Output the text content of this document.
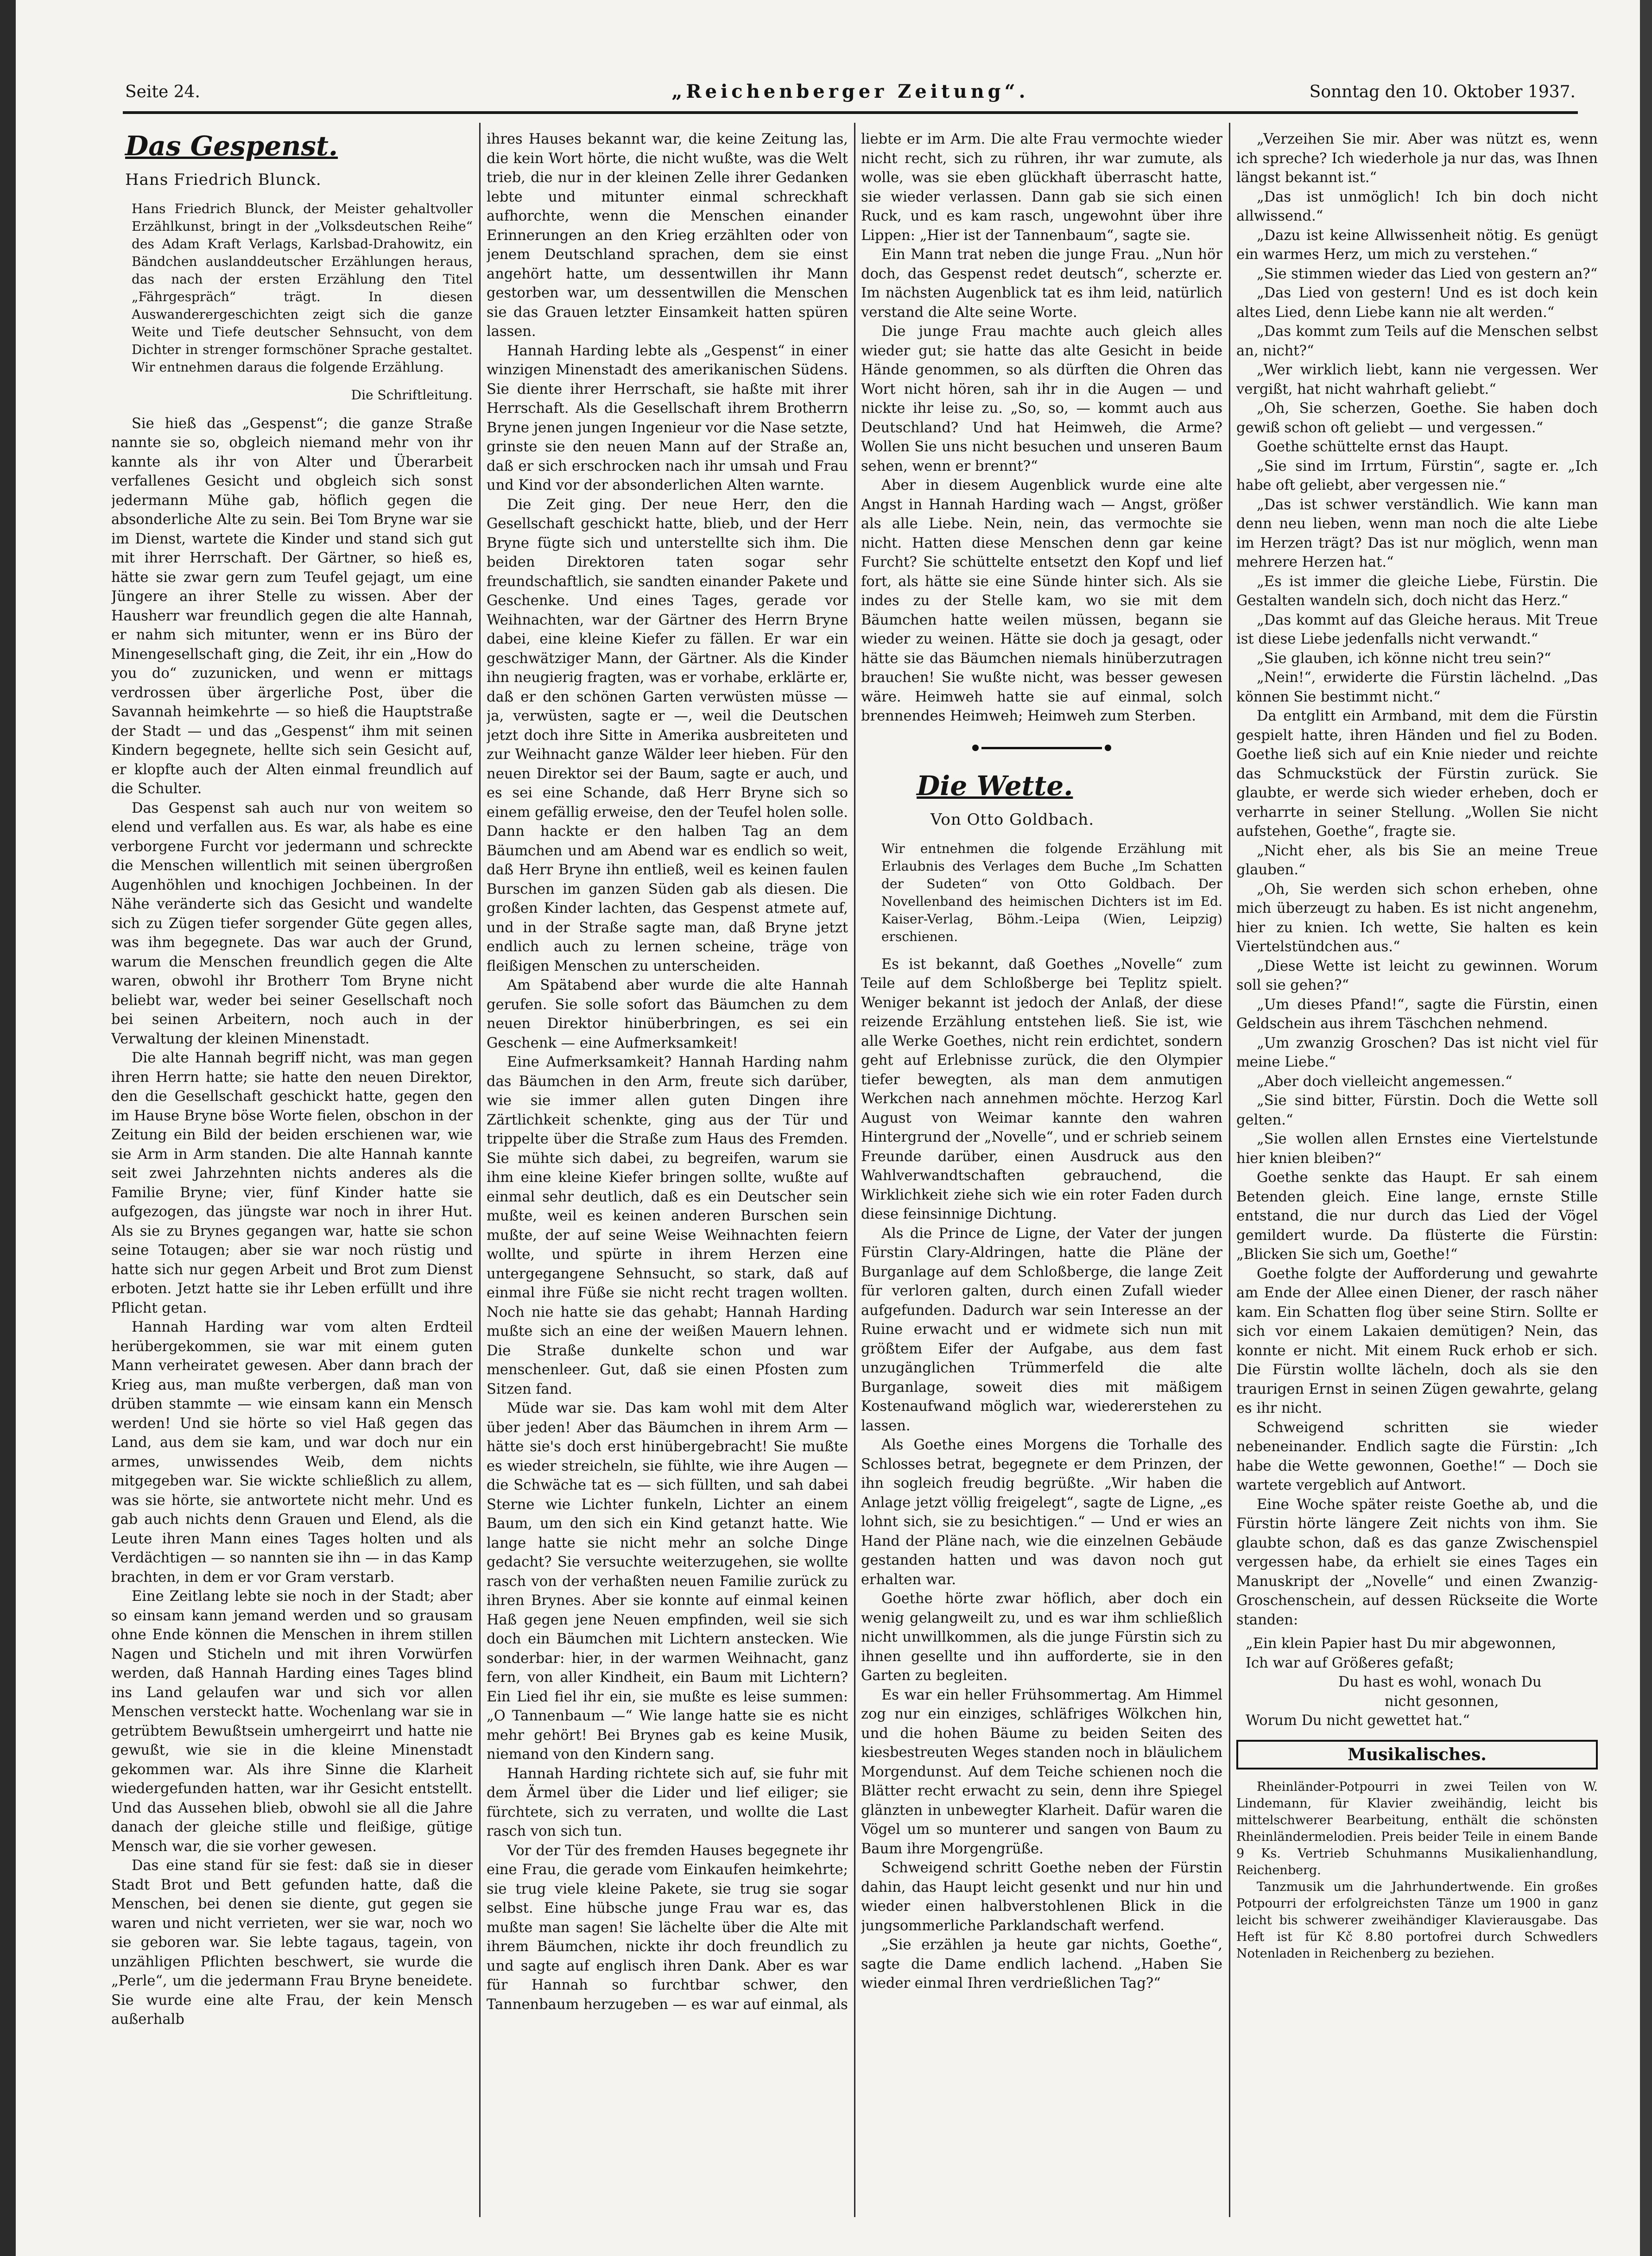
Seite 24.	„Reichenberger Zeitung“.	Sonntag den 10. Oktober 1937.
Das Gespenst.
Hans Friedrich Blunck.
Hans Friedrich Blunck, der Meister gehaltvoller Erzählkunst, bringt in der „Volksdeutschen Reihe“ des Adam Kraft Verlags, Karlsbad-Drahowitz, ein Bändchen auslanddeutscher Erzählungen heraus, das nach der ersten Erzählung den Titel „Fährgespräch“ trägt. In diesen Auswanderergeschichten zeigt sich die ganze Weite und Tiefe deutscher Sehnsucht, von dem Dichter in strenger formschöner Sprache gestaltet. Wir entnehmen daraus die folgende Erzählung.
Die Schriftleitung.

Sie hieß das „Gespenst“; die ganze Straße nannte sie so, obgleich niemand mehr von ihr kannte als ihr von Alter und Überarbeit verfallenes Gesicht und obgleich sich sonst jedermann Mühe gab, höflich gegen die absonderliche Alte zu sein. Bei Tom Bryne war sie im Dienst, wartete die Kinder und stand sich gut mit ihrer Herrschaft. Der Gärtner, so hieß es, hätte sie zwar gern zum Teufel gejagt, um eine Jüngere an ihrer Stelle zu wissen. Aber der Hausherr war freundlich gegen die alte Hannah, er nahm sich mitunter, wenn er ins Büro der Minengesellschaft ging, die Zeit, ihr ein „How do you do“ zuzunicken, und wenn er mittags verdrossen über ärgerliche Post, über die Savannah heimkehrte — so hieß die Hauptstraße der Stadt — und das „Gespenst“ ihm mit seinen Kindern begegnete, hellte sich sein Gesicht auf, er klopfte auch der Alten einmal freundlich auf die Schulter.

Das Gespenst sah auch nur von weitem so elend und verfallen aus. Es war, als habe es eine verborgene Furcht vor jedermann und schreckte die Menschen willentlich mit seinen übergroßen Augenhöhlen und knochigen Jochbeinen. In der Nähe veränderte sich das Gesicht und wandelte sich zu Zügen tiefer sorgender Güte gegen alles, was ihm begegnete. Das war auch der Grund, warum die Menschen freundlich gegen die Alte waren, obwohl ihr Brotherr Tom Bryne nicht beliebt war, weder bei seiner Gesellschaft noch bei seinen Arbeitern, noch auch in der Verwaltung der kleinen Minenstadt.

Die alte Hannah begriff nicht, was man gegen ihren Herrn hatte; sie hatte den neuen Direktor, den die Gesellschaft geschickt hatte, gegen den im Hause Bryne böse Worte fielen, obschon in der Zeitung ein Bild der beiden erschienen war, wie sie Arm in Arm standen. Die alte Hannah kannte seit zwei Jahrzehnten nichts anderes als die Familie Bryne; vier, fünf Kinder hatte sie aufgezogen, das jüngste war noch in ihrer Hut. Als sie zu Brynes gegangen war, hatte sie schon seine Totaugen; aber sie war noch rüstig und hatte sich nur gegen Arbeit und Brot zum Dienst erboten. Jetzt hatte sie ihr Leben erfüllt und ihre Pflicht getan.

Hannah Harding war vom alten Erdteil herübergekommen, sie war mit einem guten Mann verheiratet gewesen. Aber dann brach der Krieg aus, man mußte verbergen, daß man von drüben stammte — wie einsam kann ein Mensch werden! Und sie hörte so viel Haß gegen das Land, aus dem sie kam, und war doch nur ein armes, unwissendes Weib, dem nichts mitgegeben war. Sie wickte schließlich zu allem, was sie hörte, sie antwortete nicht mehr. Und es gab auch nichts denn Grauen und Elend, als die Leute ihren Mann eines Tages holten und als Verdächtigen — so nannten sie ihn — in das Kamp brachten, in dem er vor Gram verstarb.

Eine Zeitlang lebte sie noch in der Stadt; aber so einsam kann jemand werden und so grausam ohne Ende können die Menschen in ihrem stillen Nagen und Sticheln und mit ihren Vorwürfen werden, daß Hannah Harding eines Tages blind ins Land gelaufen war und sich vor allen Menschen versteckt hatte. Wochenlang war sie in getrübtem Bewußtsein umhergeirrt und hatte nie gewußt, wie sie in die kleine Minenstadt gekommen war. Als ihre Sinne die Klarheit wiedergefunden hatten, war ihr Gesicht entstellt. Und das Aussehen blieb, obwohl sie all die Jahre danach der gleiche stille und fleißige, gütige Mensch war, die sie vorher gewesen.

Das eine stand für sie fest: daß sie in dieser Stadt Brot und Bett gefunden hatte, daß die Menschen, bei denen sie diente, gut gegen sie waren und nicht verrieten, wer sie war, noch wo sie geboren war. Sie lebte tagaus, tagein, von unzähligen Pflichten beschwert, sie wurde die „Perle“, um die jedermann Frau Bryne beneidete. Sie wurde eine alte Frau, der kein Mensch außerhalb

ihres Hauses bekannt war, die keine Zeitung las, die kein Wort hörte, die nicht wußte, was die Welt trieb, die nur in der kleinen Zelle ihrer Gedanken lebte und mitunter einmal schreckhaft aufhorchte, wenn die Menschen einander Erinnerungen an den Krieg erzählten oder von jenem Deutschland sprachen, dem sie einst angehört hatte, um dessentwillen ihr Mann gestorben war, um dessentwillen die Menschen sie das Grauen letzter Einsamkeit hatten spüren lassen.

Hannah Harding lebte als „Gespenst“ in einer winzigen Minenstadt des amerikanischen Südens. Sie diente ihrer Herrschaft, sie haßte mit ihrer Herrschaft. Als die Gesellschaft ihrem Brotherrn Bryne jenen jungen Ingenieur vor die Nase setzte, grinste sie den neuen Mann auf der Straße an, daß er sich erschrocken nach ihr umsah und Frau und Kind vor der absonderlichen Alten warnte.

Die Zeit ging. Der neue Herr, den die Gesellschaft geschickt hatte, blieb, und der Herr Bryne fügte sich und unterstellte sich ihm. Die beiden Direktoren taten sogar sehr freundschaftlich, sie sandten einander Pakete und Geschenke. Und eines Tages, gerade vor Weihnachten, war der Gärtner des Herrn Bryne dabei, eine kleine Kiefer zu fällen. Er war ein geschwätziger Mann, der Gärtner. Als die Kinder ihn neugierig fragten, was er vorhabe, erklärte er, daß er den schönen Garten verwüsten müsse — ja, verwüsten, sagte er —, weil die Deutschen jetzt doch ihre Sitte in Amerika ausbreiteten und zur Weihnacht ganze Wälder leer hieben. Für den neuen Direktor sei der Baum, sagte er auch, und es sei eine Schande, daß Herr Bryne sich so einem gefällig erweise, den der Teufel holen solle. Dann hackte er den halben Tag an dem Bäumchen und am Abend war es endlich so weit, daß Herr Bryne ihn entließ, weil es keinen faulen Burschen im ganzen Süden gab als diesen. Die großen Kinder lachten, das Gespenst atmete auf, und in der Straße sagte man, daß Bryne jetzt endlich auch zu lernen scheine, träge von fleißigen Menschen zu unterscheiden.

Am Spätabend aber wurde die alte Hannah gerufen. Sie solle sofort das Bäumchen zu dem neuen Direktor hinüberbringen, es sei ein Geschenk — eine Aufmerksamkeit!

Eine Aufmerksamkeit? Hannah Harding nahm das Bäumchen in den Arm, freute sich darüber, wie sie immer allen guten Dingen ihre Zärtlichkeit schenkte, ging aus der Tür und trippelte über die Straße zum Haus des Fremden. Sie mühte sich dabei, zu begreifen, warum sie ihm eine kleine Kiefer bringen sollte, wußte auf einmal sehr deutlich, daß es ein Deutscher sein mußte, weil es keinen anderen Burschen sein mußte, der auf seine Weise Weihnachten feiern wollte, und spürte in ihrem Herzen eine untergegangene Sehnsucht, so stark, daß auf einmal ihre Füße sie nicht recht tragen wollten. Noch nie hatte sie das gehabt; Hannah Harding mußte sich an eine der weißen Mauern lehnen. Die Straße dunkelte schon und war menschenleer. Gut, daß sie einen Pfosten zum Sitzen fand.

Müde war sie. Das kam wohl mit dem Alter über jeden! Aber das Bäumchen in ihrem Arm — hätte sie's doch erst hinübergebracht! Sie mußte es wieder streicheln, sie fühlte, wie ihre Augen — die Schwäche tat es — sich füllten, und sah dabei Sterne wie Lichter funkeln, Lichter an einem Baum, um den sich ein Kind getanzt hatte. Wie lange hatte sie nicht mehr an solche Dinge gedacht? Sie versuchte weiterzugehen, sie wollte rasch von der verhaßten neuen Familie zurück zu ihren Brynes. Aber sie konnte auf einmal keinen Haß gegen jene Neuen empfinden, weil sie sich doch ein Bäumchen mit Lichtern anstecken. Wie sonderbar: hier, in der warmen Weihnacht, ganz fern, von aller Kindheit, ein Baum mit Lichtern? Ein Lied fiel ihr ein, sie mußte es leise summen: „O Tannenbaum —“ Wie lange hatte sie es nicht mehr gehört! Bei Brynes gab es keine Musik, niemand von den Kindern sang.

Hannah Harding richtete sich auf, sie fuhr mit dem Ärmel über die Lider und lief eiliger; sie fürchtete, sich zu verraten, und wollte die Last rasch von sich tun.

Vor der Tür des fremden Hauses begegnete ihr eine Frau, die gerade vom Einkaufen heimkehrte; sie trug viele kleine Pakete, sie trug sie sogar selbst. Eine hübsche junge Frau war es, das mußte man sagen! Sie lächelte über die Alte mit ihrem Bäumchen, nickte ihr doch freundlich zu und sagte auf englisch ihren Dank. Aber es war für Hannah so furchtbar schwer, den Tannenbaum herzugeben — es war auf einmal, als

liebte er im Arm. Die alte Frau vermochte wieder nicht recht, sich zu rühren, ihr war zumute, als wolle, was sie eben glückhaft überrascht hatte, sie wieder verlassen. Dann gab sie sich einen Ruck, und es kam rasch, ungewohnt über ihre Lippen: „Hier ist der Tannenbaum“, sagte sie.

Ein Mann trat neben die junge Frau. „Nun hör doch, das Gespenst redet deutsch“, scherzte er. Im nächsten Augenblick tat es ihm leid, natürlich verstand die Alte seine Worte.

Die junge Frau machte auch gleich alles wieder gut; sie hatte das alte Gesicht in beide Hände genommen, so als dürften die Ohren das Wort nicht hören, sah ihr in die Augen — und nickte ihr leise zu. „So, so, — kommt auch aus Deutschland? Und hat Heimweh, die Arme? Wollen Sie uns nicht besuchen und unseren Baum sehen, wenn er brennt?“

Aber in diesem Augenblick wurde eine alte Angst in Hannah Harding wach — Angst, größer als alle Liebe. Nein, nein, das vermochte sie nicht. Hatten diese Menschen denn gar keine Furcht? Sie schüttelte entsetzt den Kopf und lief fort, als hätte sie eine Sünde hinter sich. Als sie indes zu der Stelle kam, wo sie mit dem Bäumchen hatte weilen müssen, begann sie wieder zu weinen. Hätte sie doch ja gesagt, oder hätte sie das Bäumchen niemals hinüberzutragen brauchen! Sie wußte nicht, was besser gewesen wäre. Heimweh hatte sie auf einmal, solch brennendes Heimweh; Heimweh zum Sterben.

Die Wette.
Von Otto Goldbach.
Wir entnehmen die folgende Erzählung mit Erlaubnis des Verlages dem Buche „Im Schatten der Sudeten“ von Otto Goldbach. Der Novellenband des heimischen Dichters ist im Ed. Kaiser-Verlag, Böhm.-Leipa (Wien, Leipzig) erschienen.

Es ist bekannt, daß Goethes „Novelle“ zum Teile auf dem Schloßberge bei Teplitz spielt. Weniger bekannt ist jedoch der Anlaß, der diese reizende Erzählung entstehen ließ. Sie ist, wie alle Werke Goethes, nicht rein erdichtet, sondern geht auf Erlebnisse zurück, die den Olympier tiefer bewegten, als man dem anmutigen Werkchen nach annehmen möchte. Herzog Karl August von Weimar kannte den wahren Hintergrund der „Novelle“, und er schrieb seinem Freunde darüber, einen Ausdruck aus den Wahlverwandtschaften gebrauchend, die Wirklichkeit ziehe sich wie ein roter Faden durch diese feinsinnige Dichtung.

Als die Prince de Ligne, der Vater der jungen Fürstin Clary-Aldringen, hatte die Pläne der Burganlage auf dem Schloßberge, die lange Zeit für verloren galten, durch einen Zufall wieder aufgefunden. Dadurch war sein Interesse an der Ruine erwacht und er widmete sich nun mit größtem Eifer der Aufgabe, aus dem fast unzugänglichen Trümmerfeld die alte Burganlage, soweit dies mit mäßigem Kostenaufwand möglich war, wiedererstehen zu lassen.

Als Goethe eines Morgens die Torhalle des Schlosses betrat, begegnete er dem Prinzen, der ihn sogleich freudig begrüßte. „Wir haben die Anlage jetzt völlig freigelegt“, sagte de Ligne, „es lohnt sich, sie zu besichtigen.“ — Und er wies an Hand der Pläne nach, wie die einzelnen Gebäude gestanden hatten und was davon noch gut erhalten war.

Goethe hörte zwar höflich, aber doch ein wenig gelangweilt zu, und es war ihm schließlich nicht unwillkommen, als die junge Fürstin sich zu ihnen gesellte und ihn aufforderte, sie in den Garten zu begleiten.

Es war ein heller Frühsommertag. Am Himmel zog nur ein einziges, schläfriges Wölkchen hin, und die hohen Bäume zu beiden Seiten des kiesbestreuten Weges standen noch in bläulichem Morgendunst. Auf dem Teiche schienen noch die Blätter recht erwacht zu sein, denn ihre Spiegel glänzten in unbewegter Klarheit. Dafür waren die Vögel um so munterer und sangen von Baum zu Baum ihre Morgengrüße.

Schweigend schritt Goethe neben der Fürstin dahin, das Haupt leicht gesenkt und nur hin und wieder einen halbverstohlenen Blick in die jungsommerliche Parklandschaft werfend.

„Sie erzählen ja heute gar nichts, Goethe“, sagte die Dame endlich lachend. „Haben Sie wieder einmal Ihren verdrießlichen Tag?“

„Verzeihen Sie mir. Aber was nützt es, wenn ich spreche? Ich wiederhole ja nur das, was Ihnen längst bekannt ist.“

„Das ist unmöglich! Ich bin doch nicht allwissend.“

„Dazu ist keine Allwissenheit nötig. Es genügt ein warmes Herz, um mich zu verstehen.“

„Sie stimmen wieder das Lied von gestern an?“

„Das Lied von gestern! Und es ist doch kein altes Lied, denn Liebe kann nie alt werden.“

„Das kommt zum Teils auf die Menschen selbst an, nicht?“

„Wer wirklich liebt, kann nie vergessen. Wer vergißt, hat nicht wahrhaft geliebt.“

„Oh, Sie scherzen, Goethe. Sie haben doch gewiß schon oft geliebt — und vergessen.“

Goethe schüttelte ernst das Haupt.

„Sie sind im Irrtum, Fürstin“, sagte er. „Ich habe oft geliebt, aber vergessen nie.“

„Das ist schwer verständlich. Wie kann man denn neu lieben, wenn man noch die alte Liebe im Herzen trägt? Das ist nur möglich, wenn man mehrere Herzen hat.“

„Es ist immer die gleiche Liebe, Fürstin. Die Gestalten wandeln sich, doch nicht das Herz.“

„Das kommt auf das Gleiche heraus. Mit Treue ist diese Liebe jedenfalls nicht verwandt.“

„Sie glauben, ich könne nicht treu sein?“

„Nein!“, erwiderte die Fürstin lächelnd. „Das können Sie bestimmt nicht.“

Da entglitt ein Armband, mit dem die Fürstin gespielt hatte, ihren Händen und fiel zu Boden. Goethe ließ sich auf ein Knie nieder und reichte das Schmuckstück der Fürstin zurück. Sie glaubte, er werde sich wieder erheben, doch er verharrte in seiner Stellung. „Wollen Sie nicht aufstehen, Goethe“, fragte sie.

„Nicht eher, als bis Sie an meine Treue glauben.“

„Oh, Sie werden sich schon erheben, ohne mich überzeugt zu haben. Es ist nicht angenehm, hier zu knien. Ich wette, Sie halten es kein Viertelstündchen aus.“

„Diese Wette ist leicht zu gewinnen. Worum soll sie gehen?“

„Um dieses Pfand!“, sagte die Fürstin, einen Geldschein aus ihrem Täschchen nehmend.

„Um zwanzig Groschen? Das ist nicht viel für meine Liebe.“

„Aber doch vielleicht angemessen.“

„Sie sind bitter, Fürstin. Doch die Wette soll gelten.“

„Sie wollen allen Ernstes eine Viertelstunde hier knien bleiben?“

Goethe senkte das Haupt. Er sah einem Betenden gleich. Eine lange, ernste Stille entstand, die nur durch das Lied der Vögel gemildert wurde. Da flüsterte die Fürstin: „Blicken Sie sich um, Goethe!“

Goethe folgte der Aufforderung und gewahrte am Ende der Allee einen Diener, der rasch näher kam. Ein Schatten flog über seine Stirn. Sollte er sich vor einem Lakaien demütigen? Nein, das konnte er nicht. Mit einem Ruck erhob er sich. Die Fürstin wollte lächeln, doch als sie den traurigen Ernst in seinen Zügen gewahrte, gelang es ihr nicht.

Schweigend schritten sie wieder nebeneinander. Endlich sagte die Fürstin: „Ich habe die Wette gewonnen, Goethe!“ — Doch sie wartete vergeblich auf Antwort.

Eine Woche später reiste Goethe ab, und die Fürstin hörte längere Zeit nichts von ihm. Sie glaubte schon, daß es das ganze Zwischenspiel vergessen habe, da erhielt sie eines Tages ein Manuskript der „Novelle“ und einen Zwanzig-Groschenschein, auf dessen Rückseite die Worte standen:

„Ein klein Papier hast Du mir abgewonnen,

Ich war auf Größeres gefaßt;

Du hast es wohl, wonach Du

nicht gesonnen,

Worum Du nicht gewettet hat.“

Musikalisches.

Rheinländer-Potpourri in zwei Teilen von W. Lindemann, für Klavier zweihändig, leicht bis mittelschwerer Bearbeitung, enthält die schönsten Rheinländermelodien. Preis beider Teile in einem Bande 9 Ks. Vertrieb Schuhmanns Musikalienhandlung, Reichenberg.

Tanzmusik um die Jahrhundertwende. Ein großes Potpourri der erfolgreichsten Tänze um 1900 in ganz leicht bis schwerer zweihändiger Klavierausgabe. Das Heft ist für Kč 8.80 portofrei durch Schwedlers Notenladen in Reichenberg zu beziehen.
